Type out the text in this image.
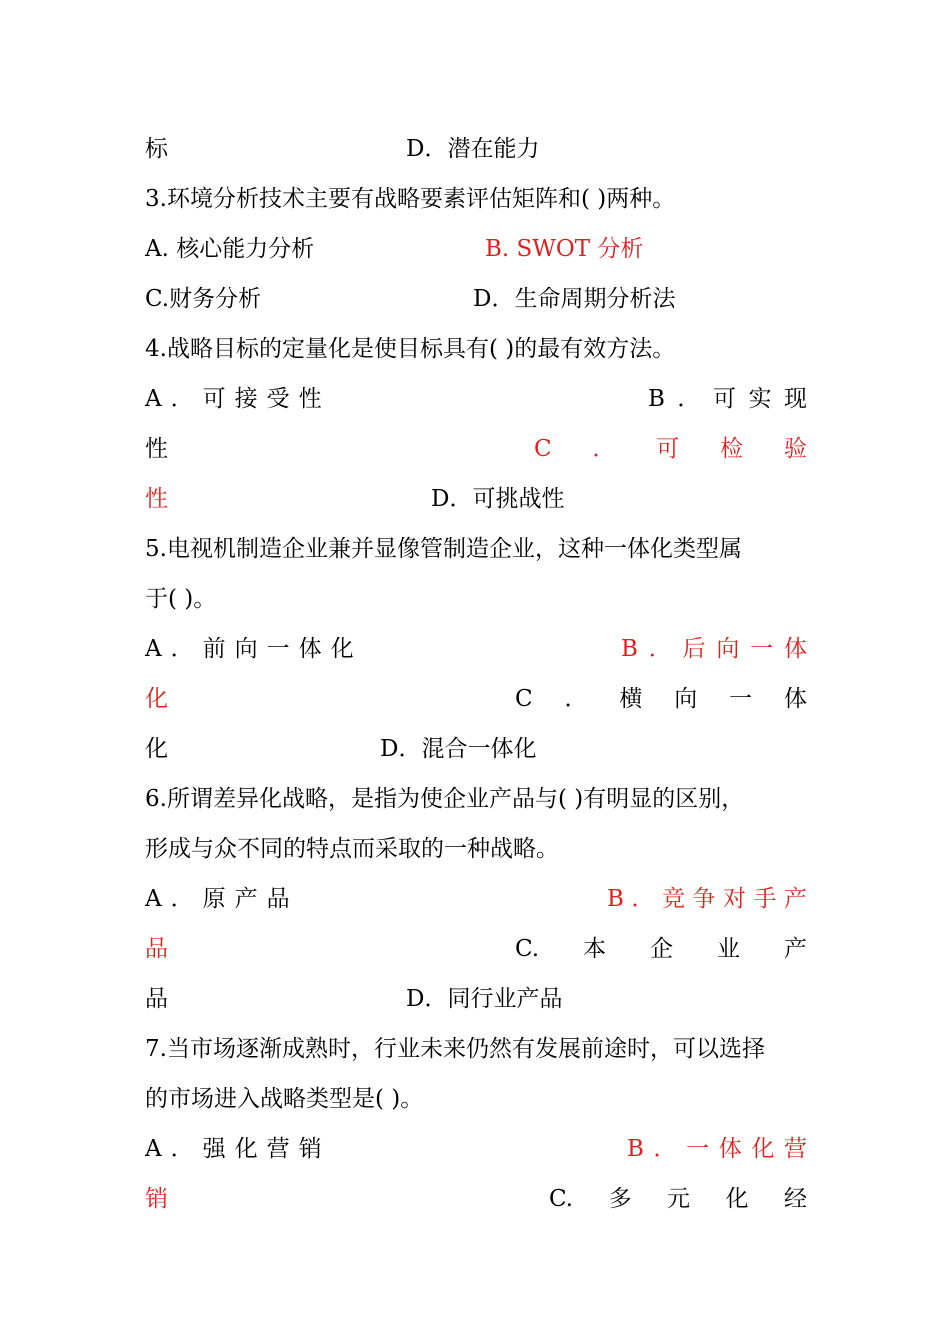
标	D．潜在能力
3.环境分析技术主要有战略要素评估矩阵和( )两种。
A. 核心能力分析	B. SWOT 分析
C.财务分析	D．生命周期分析法
4.战略目标的定量化是使目标具有( )的最有效方法。
A．可接受性	B ． 可 实 现
性	C ． 可 检 验
性	D．可挑战性
5.电视机制造企业兼并显像管制造企业，这种一体化类型属
于( )。
A．前向一体化	B ． 后 向 一 体
化	C ． 横 向 一 体
化	D．混合一体化
6.所谓差异化战略，是指为使企业产品与( )有明显的区别，
形成与众不同的特点而采取的一种战略。
A．原产品	B ． 竞 争 对 手 产
品	C. 本 企 业 产
品	D．同行业产品
7.当市场逐渐成熟时，行业未来仍然有发展前途时，可以选择
的市场进入战略类型是( )。
A．强化营销	B ． 一 体 化 营
销	C. 多 元 化 经
